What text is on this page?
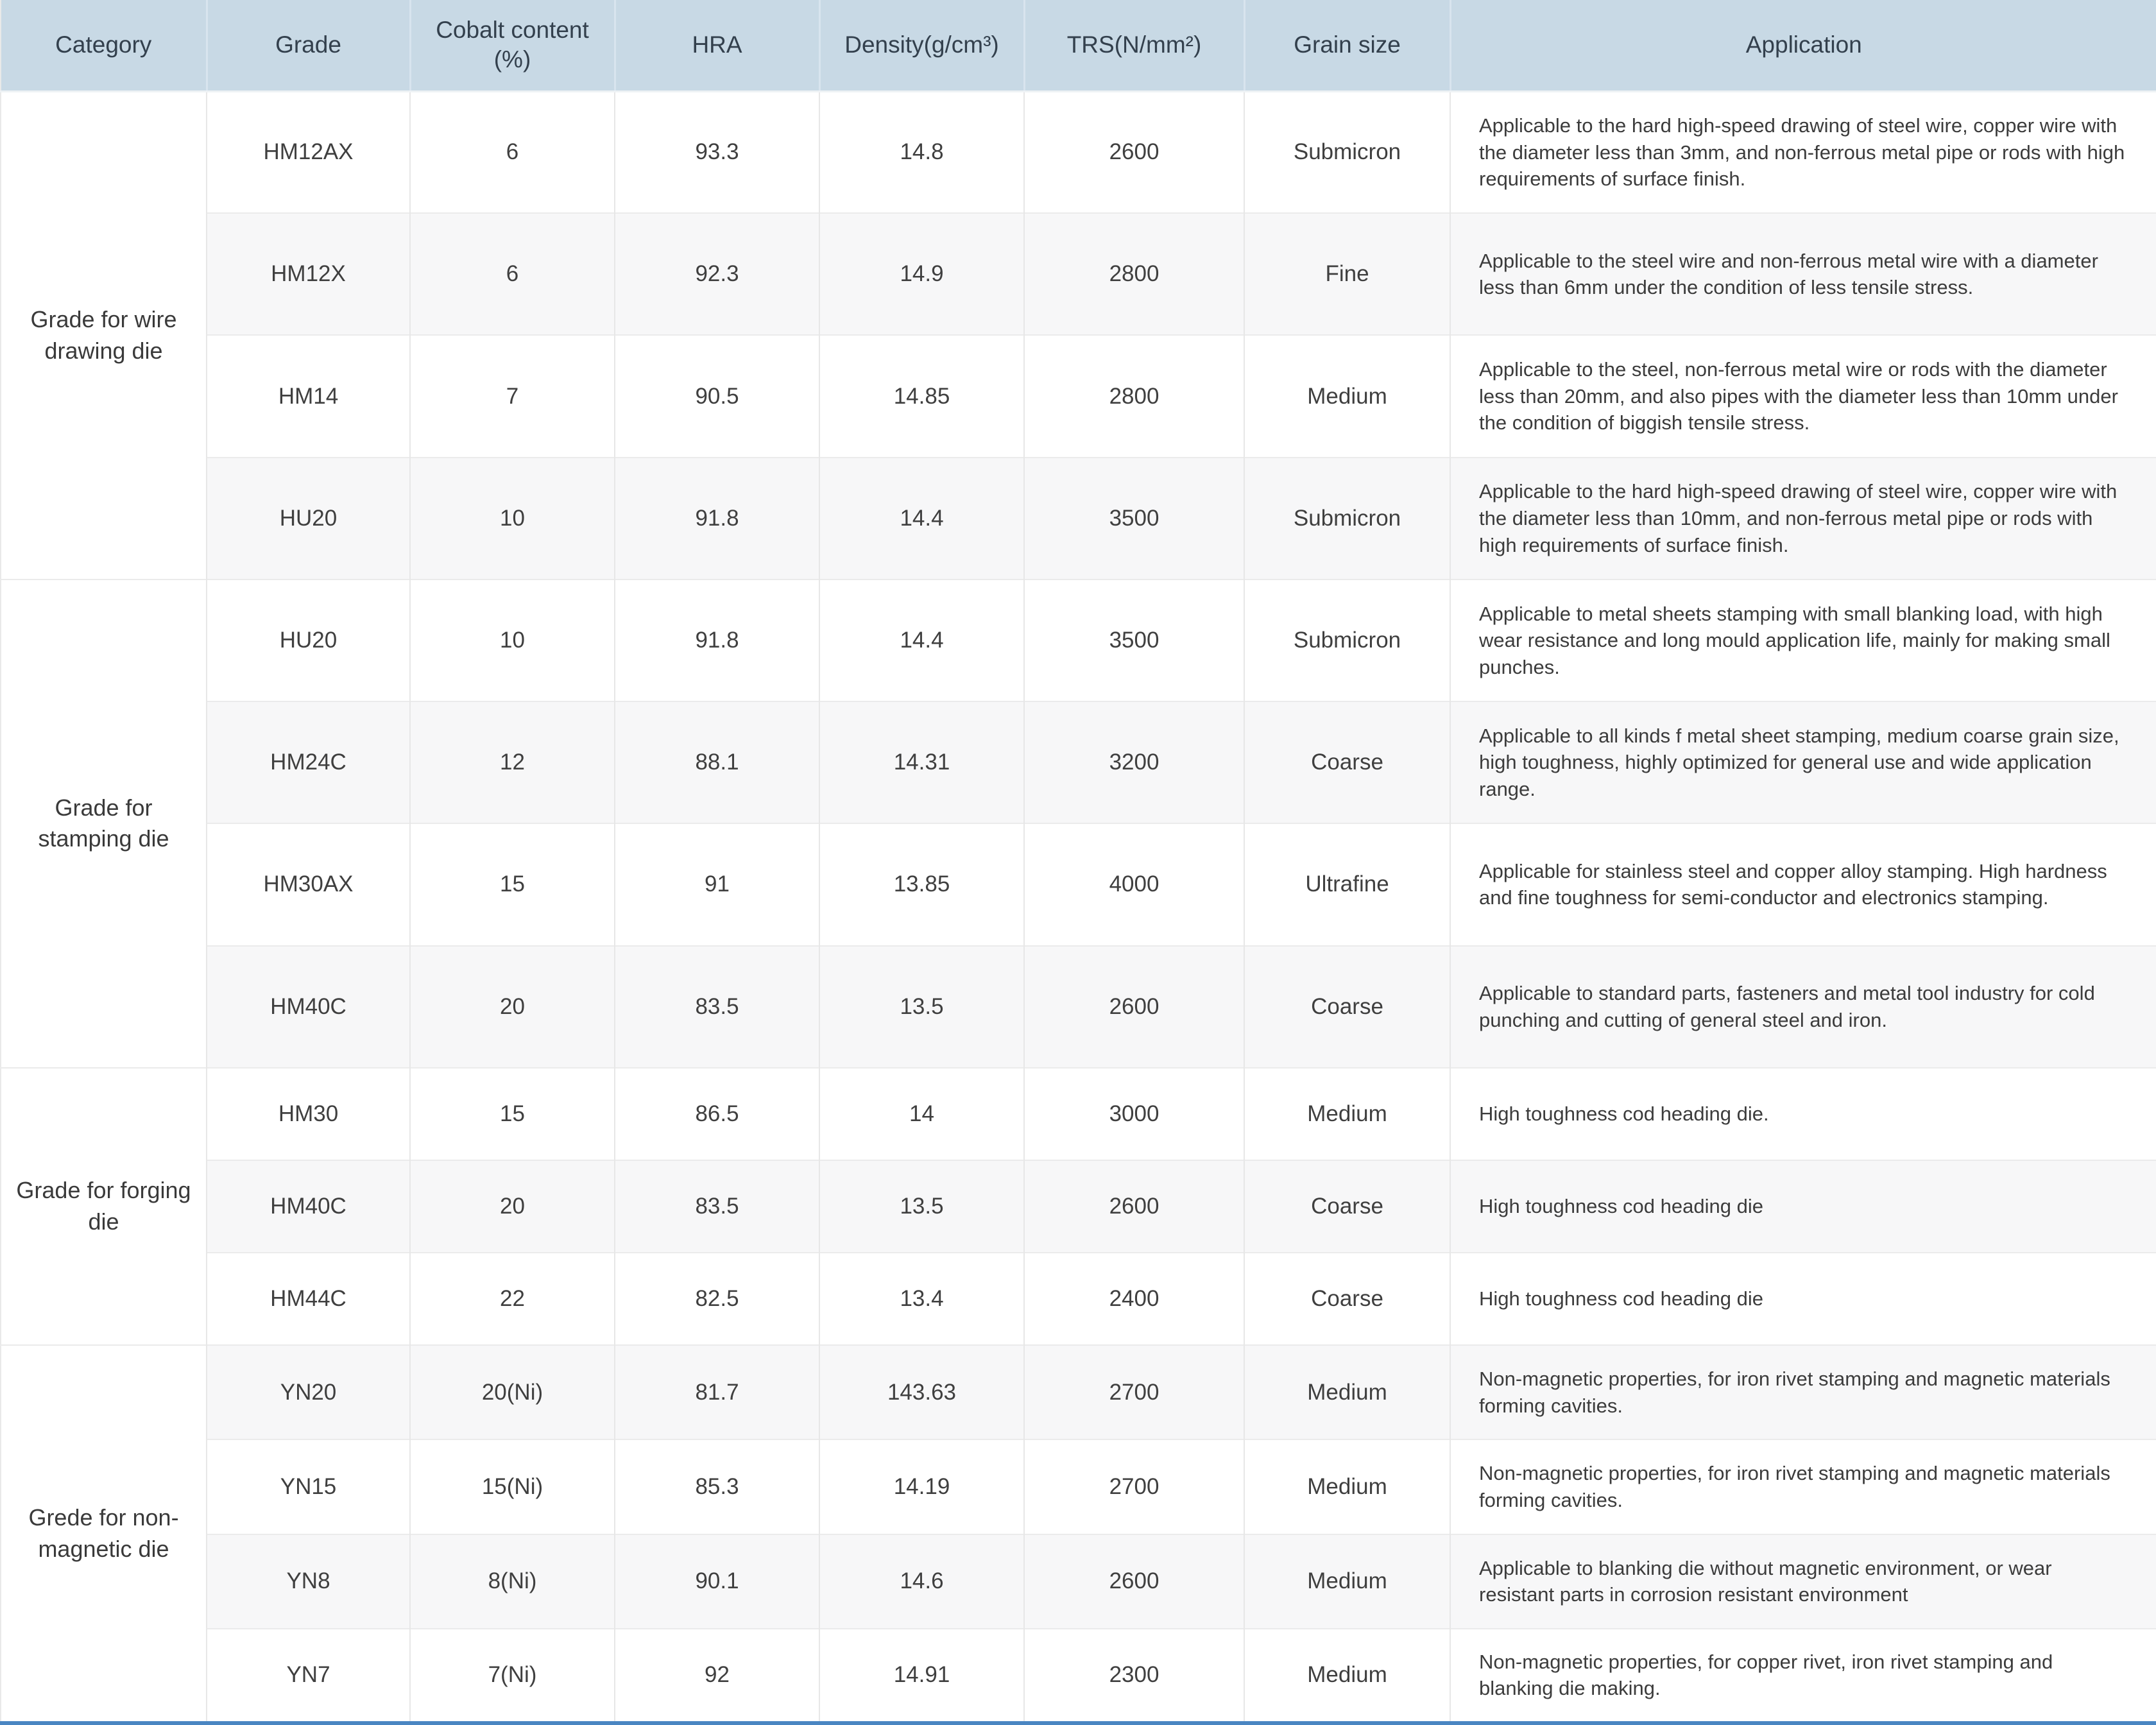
Category	Grade	Cobalt content (%)	HRA	Density(g/cm³)	TRS(N/mm²)	Grain size	Application
Grade for wire drawing die	HM12AX	6	93.3	14.8	2600	Submicron	Applicable to the hard high-speed drawing of steel wire, copper wire with the diameter less than 3mm, and non-ferrous metal pipe or rods with high requirements of surface finish.
	HM12X	6	92.3	14.9	2800	Fine	Applicable to the steel wire and non-ferrous metal wire with a diameter less than 6mm under the condition of less tensile stress.
	HM14	7	90.5	14.85	2800	Medium	Applicable to the steel, non-ferrous metal wire or rods with the diameter less than 20mm, and also pipes with the diameter less than 10mm under the condition of biggish tensile stress.
	HU20	10	91.8	14.4	3500	Submicron	Applicable to the hard high-speed drawing of steel wire, copper wire with the diameter less than 10mm, and non-ferrous metal pipe or rods with high requirements of surface finish.
Grade for stamping die	HU20	10	91.8	14.4	3500	Submicron	Applicable to metal sheets stamping with small blanking load, with high wear resistance and long mould application life, mainly for making small punches.
	HM24C	12	88.1	14.31	3200	Coarse	Applicable to all kinds f metal sheet stamping, medium coarse grain size, high toughness, highly optimized for general use and wide application range.
	HM30AX	15	91	13.85	4000	Ultrafine	Applicable for stainless steel and copper alloy stamping. High hardness and fine toughness for semi-conductor and electronics stamping.
	HM40C	20	83.5	13.5	2600	Coarse	Applicable to standard parts, fasteners and metal tool industry for cold punching and cutting of general steel and iron.
Grade for forging die	HM30	15	86.5	14	3000	Medium	High toughness cod heading die.
	HM40C	20	83.5	13.5	2600	Coarse	High toughness cod heading die
	HM44C	22	82.5	13.4	2400	Coarse	High toughness cod heading die
Grede for non-magnetic die	YN20	20(Ni)	81.7	143.63	2700	Medium	Non-magnetic properties, for iron rivet stamping and magnetic materials forming cavities.
	YN15	15(Ni)	85.3	14.19	2700	Medium	Non-magnetic properties, for iron rivet stamping and magnetic materials forming cavities.
	YN8	8(Ni)	90.1	14.6	2600	Medium	Applicable to blanking die without magnetic environment, or wear resistant parts in corrosion resistant environment
	YN7	7(Ni)	92	14.91	2300	Medium	Non-magnetic properties, for copper rivet, iron rivet stamping and blanking die making.
